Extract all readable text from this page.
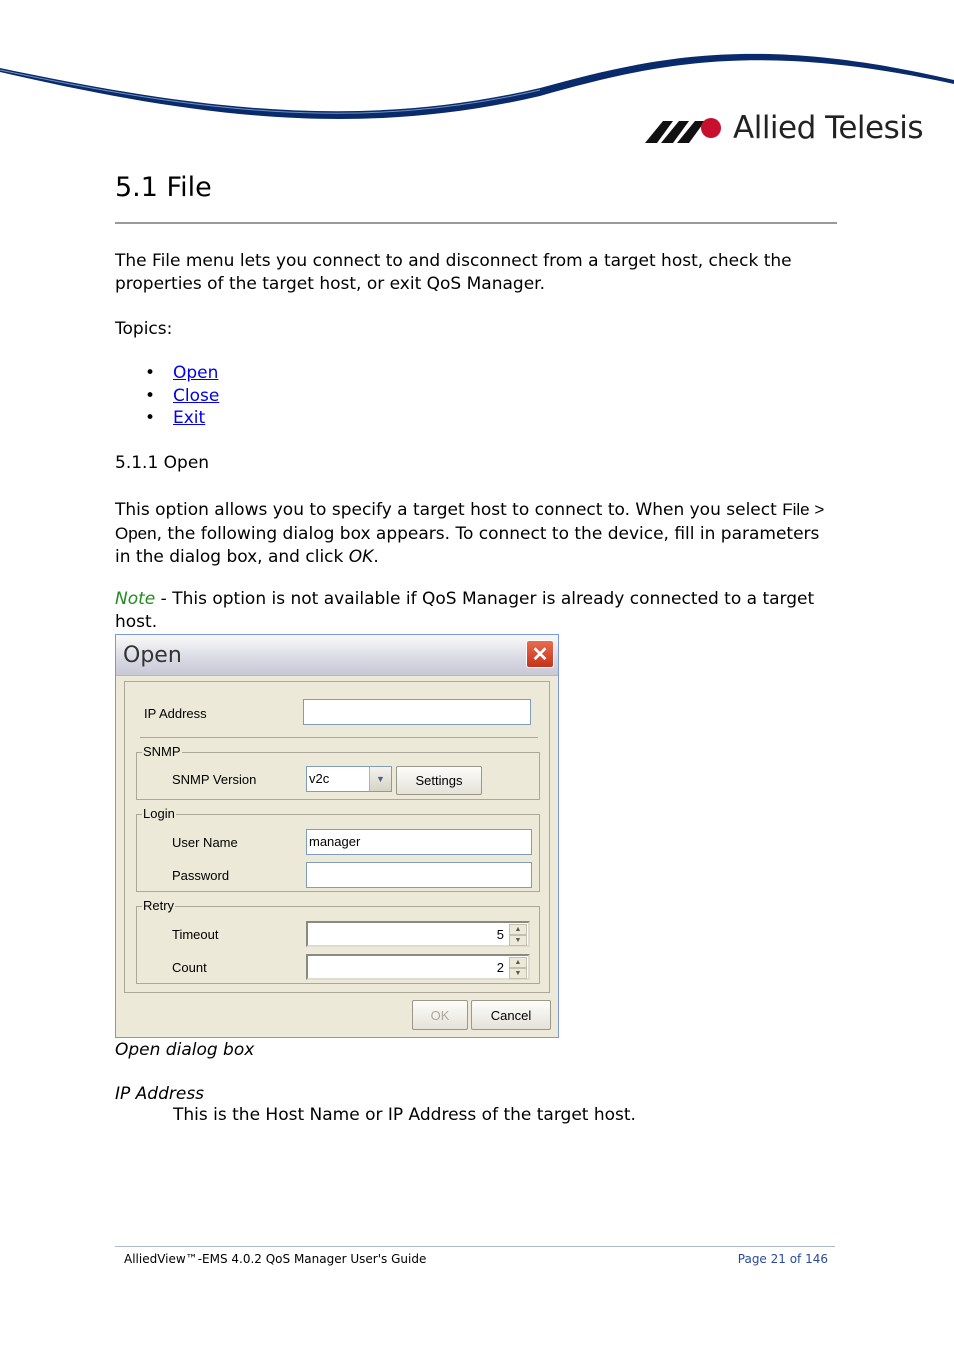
Allied Telesis
5.1 File
The File menu lets you connect to and disconnect from a target host, check the properties of the target host, or exit QoS Manager.
Topics:
• Open
• Close
• Exit
5.1.1 Open
This option allows you to specify a target host to connect to. When you select File > Open, the following dialog box appears. To connect to the device, fill in parameters in the dialog box, and click OK.
Note - This option is not available if QoS Manager is already connected to a target host.
Open	✕
IP Address
SNMP
SNMP Version	v2c	▼	Settings
Login
User Name	manager
Password
Retry
Timeout	5	▲
▼
Count	2	▲
▼
OK	Cancel
Open dialog box
IP Address
This is the Host Name or IP Address of the target host.
AlliedView™-EMS 4.0.2 QoS Manager User's Guide	Page 21 of 146
